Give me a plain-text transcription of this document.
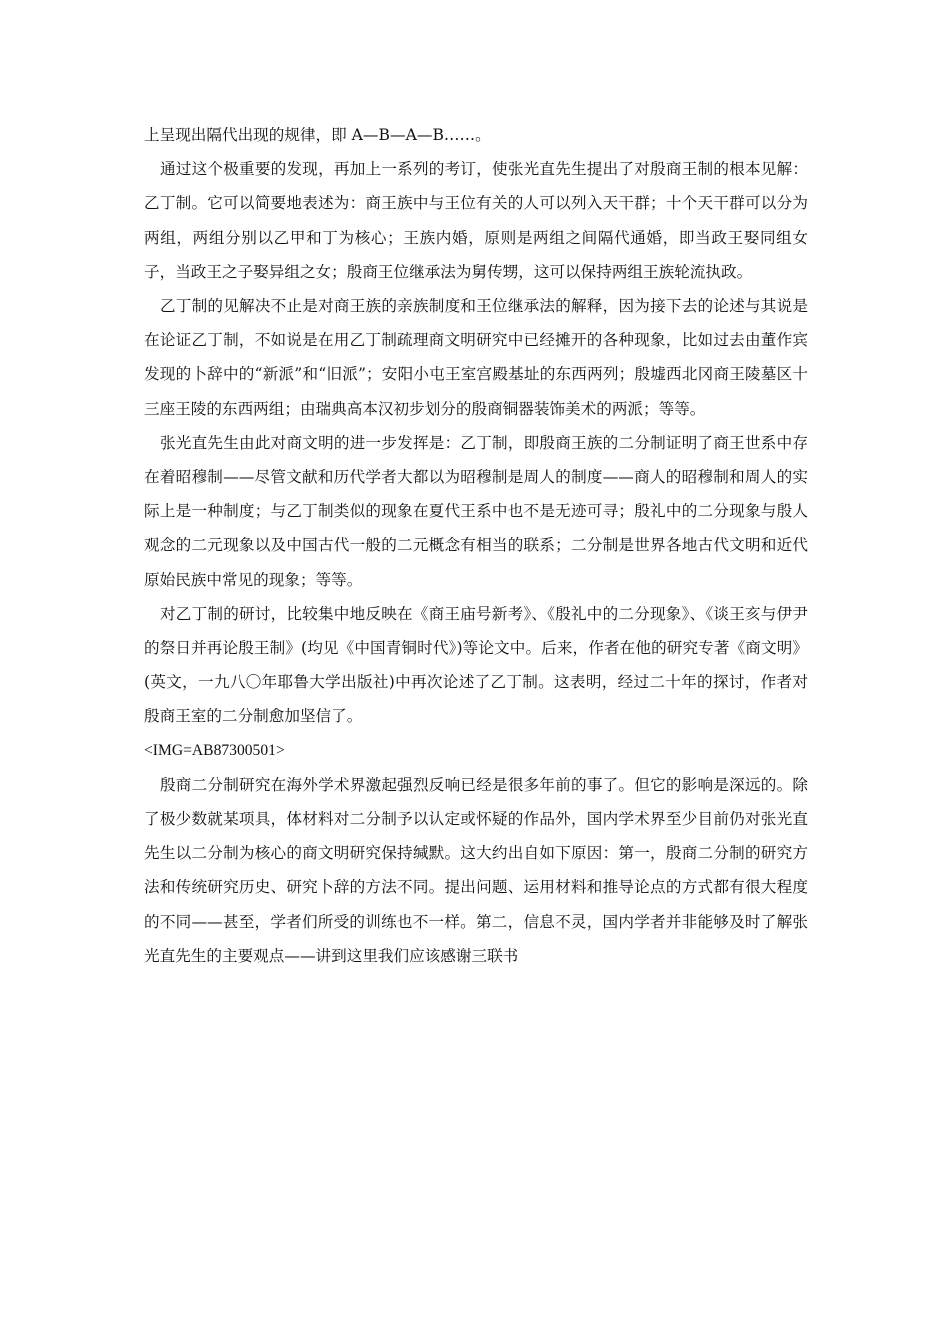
上呈现出隔代出现的规律，即 A—B—A—B……。

通过这个极重要的发现，再加上一系列的考订，使张光直先生提出了对殷商王制的根本见解：乙丁制。它可以简要地表述为：商王族中与王位有关的人可以列入天干群；十个天干群可以分为两组，两组分别以乙甲和丁为核心；王族内婚，原则是两组之间隔代通婚，即当政王娶同组女子，当政王之子娶异组之女；殷商王位继承法为舅传甥，这可以保持两组王族轮流执政。

乙丁制的见解决不止是对商王族的亲族制度和王位继承法的解释，因为接下去的论述与其说是在论证乙丁制，不如说是在用乙丁制疏理商文明研究中已经摊开的各种现象，比如过去由董作宾发现的卜辞中的“新派”和“旧派”；安阳小屯王室宫殿基址的东西两列；殷墟西北冈商王陵墓区十三座王陵的东西两组；由瑞典高本汉初步划分的殷商铜器装饰美术的两派；等等。

张光直先生由此对商文明的进一步发挥是：乙丁制，即殷商王族的二分制证明了商王世系中存在着昭穆制——尽管文献和历代学者大都以为昭穆制是周人的制度——商人的昭穆制和周人的实际上是一种制度；与乙丁制类似的现象在夏代王系中也不是无迹可寻；殷礼中的二分现象与殷人观念的二元现象以及中国古代一般的二元概念有相当的联系；二分制是世界各地古代文明和近代原始民族中常见的现象；等等。

对乙丁制的研讨，比较集中地反映在《商王庙号新考》、《殷礼中的二分现象》、《谈王亥与伊尹的祭日并再论殷王制》(均见《中国青铜时代》)等论文中。后来，作者在他的研究专著《商文明》(英文，一九八〇年耶鲁大学出版社)中再次论述了乙丁制。这表明，经过二十年的探讨，作者对殷商王室的二分制愈加坚信了。

<IMG=AB87300501>

殷商二分制研究在海外学术界激起强烈反响已经是很多年前的事了。但它的影响是深远的。除了极少数就某项具，体材料对二分制予以认定或怀疑的作品外，国内学术界至少目前仍对张光直先生以二分制为核心的商文明研究保持缄默。这大约出自如下原因：第一，殷商二分制的研究方法和传统研究历史、研究卜辞的方法不同。提出问题、运用材料和推导论点的方式都有很大程度的不同——甚至，学者们所受的训练也不一样。第二，信息不灵，国内学者并非能够及时了解张光直先生的主要观点——讲到这里我们应该感谢三联书
